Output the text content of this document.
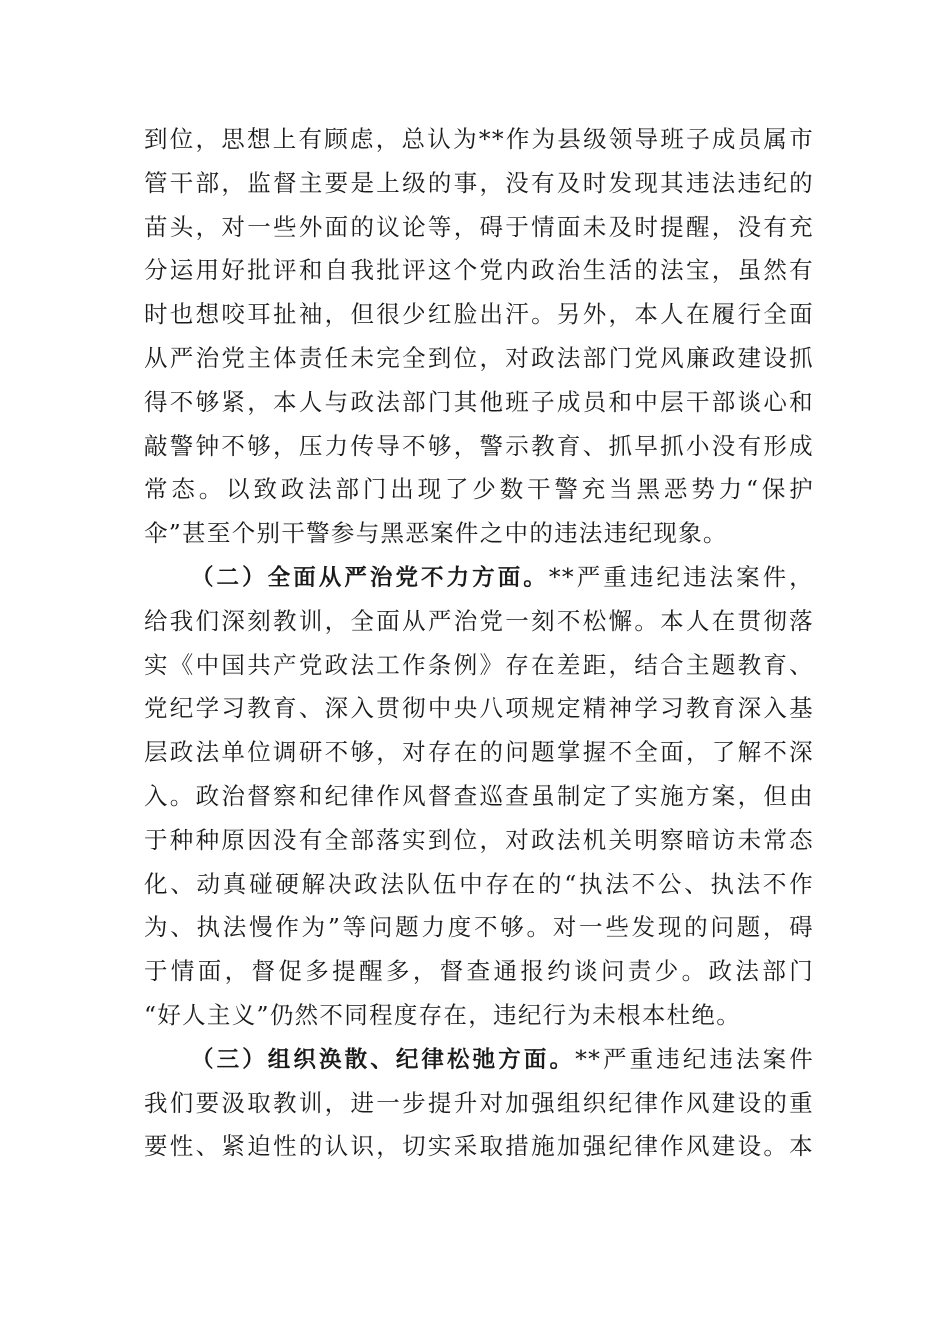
到位，思想上有顾虑，总认为**作为县级领导班子成员属市
管干部，监督主要是上级的事，没有及时发现其违法违纪的
苗头，对一些外面的议论等，碍于情面未及时提醒，没有充
分运用好批评和自我批评这个党内政治生活的法宝，虽然有
时也想咬耳扯袖，但很少红脸出汗。另外，本人在履行全面
从严治党主体责任未完全到位，对政法部门党风廉政建设抓
得不够紧，本人与政法部门其他班子成员和中层干部谈心和
敲警钟不够，压力传导不够，警示教育、抓早抓小没有形成
常态。以致政法部门出现了少数干警充当黑恶势力“保护
伞”甚至个别干警参与黑恶案件之中的违法违纪现象。
（二）全面从严治党不力方面。**严重违纪违法案件，
给我们深刻教训，全面从严治党一刻不松懈。本人在贯彻落
实《中国共产党政法工作条例》存在差距，结合主题教育、
党纪学习教育、深入贯彻中央八项规定精神学习教育深入基
层政法单位调研不够，对存在的问题掌握不全面，了解不深
入。政治督察和纪律作风督查巡查虽制定了实施方案，但由
于种种原因没有全部落实到位，对政法机关明察暗访未常态
化、动真碰硬解决政法队伍中存在的“执法不公、执法不作
为、执法慢作为”等问题力度不够。对一些发现的问题，碍
于情面，督促多提醒多，督查通报约谈问责少。政法部门
“好人主义”仍然不同程度存在，违纪行为未根本杜绝。
（三）组织涣散、纪律松弛方面。**严重违纪违法案件
我们要汲取教训，进一步提升对加强组织纪律作风建设的重
要性、紧迫性的认识，切实采取措施加强纪律作风建设。本
